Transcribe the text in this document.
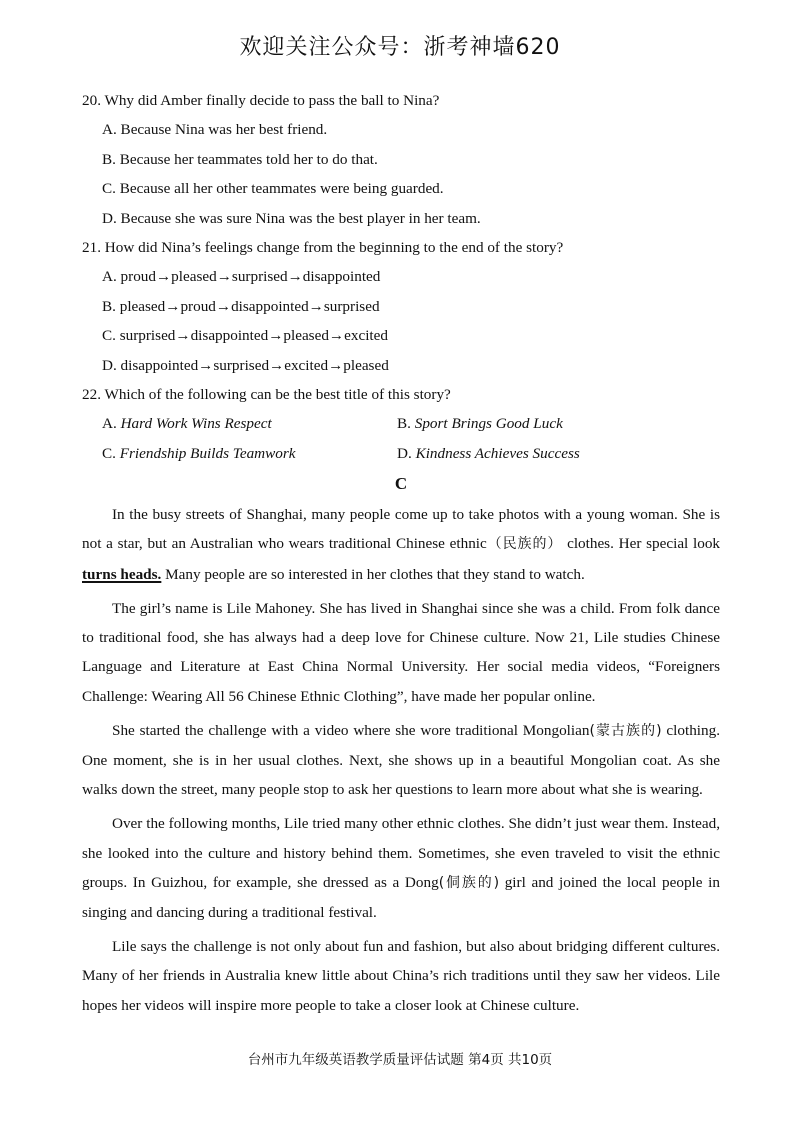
欢迎关注公众号：浙考神墙620
20. Why did Amber finally decide to pass the ball to Nina?
A. Because Nina was her best friend.
B. Because her teammates told her to do that.
C. Because all her other teammates were being guarded.
D. Because she was sure Nina was the best player in her team.
21. How did Nina’s feelings change from the beginning to the end of the story?
A. proud→pleased→surprised→disappointed
B. pleased→proud→disappointed→surprised
C. surprised→disappointed→pleased→excited
D. disappointed→surprised→excited→pleased
22. Which of the following can be the best title of this story?
A. Hard Work Wins Respect	B. Sport Brings Good Luck
C. Friendship Builds Teamwork	D. Kindness Achieves Success
C

In the busy streets of Shanghai, many people come up to take photos with a young woman. She is not a star, but an Australian who wears traditional Chinese ethnic（民族的） clothes. Her special look turns heads. Many people are so interested in her clothes that they stand to watch.

The girl’s name is Lile Mahoney. She has lived in Shanghai since she was a child. From folk dance to traditional food, she has always had a deep love for Chinese culture. Now 21, Lile studies Chinese Language and Literature at East China Normal University. Her social media videos, “Foreigners Challenge: Wearing All 56 Chinese Ethnic Clothing”, have made her popular online.

She started the challenge with a video where she wore traditional Mongolian(蒙古族的) clothing. One moment, she is in her usual clothes. Next, she shows up in a beautiful Mongolian coat. As she walks down the street, many people stop to ask her questions to learn more about what she is wearing.

Over the following months, Lile tried many other ethnic clothes. She didn’t just wear them. Instead, she looked into the culture and history behind them. Sometimes, she even traveled to visit the ethnic groups. In Guizhou, for example, she dressed as a Dong(侗族的) girl and joined the local people in singing and dancing during a traditional festival.

Lile says the challenge is not only about fun and fashion, but also about bridging different cultures. Many of her friends in Australia knew little about China’s rich traditions until they saw her videos. Lile hopes her videos will inspire more people to take a closer look at Chinese culture.

台州市九年级英语教学质量评估试题 第4页 共10页
